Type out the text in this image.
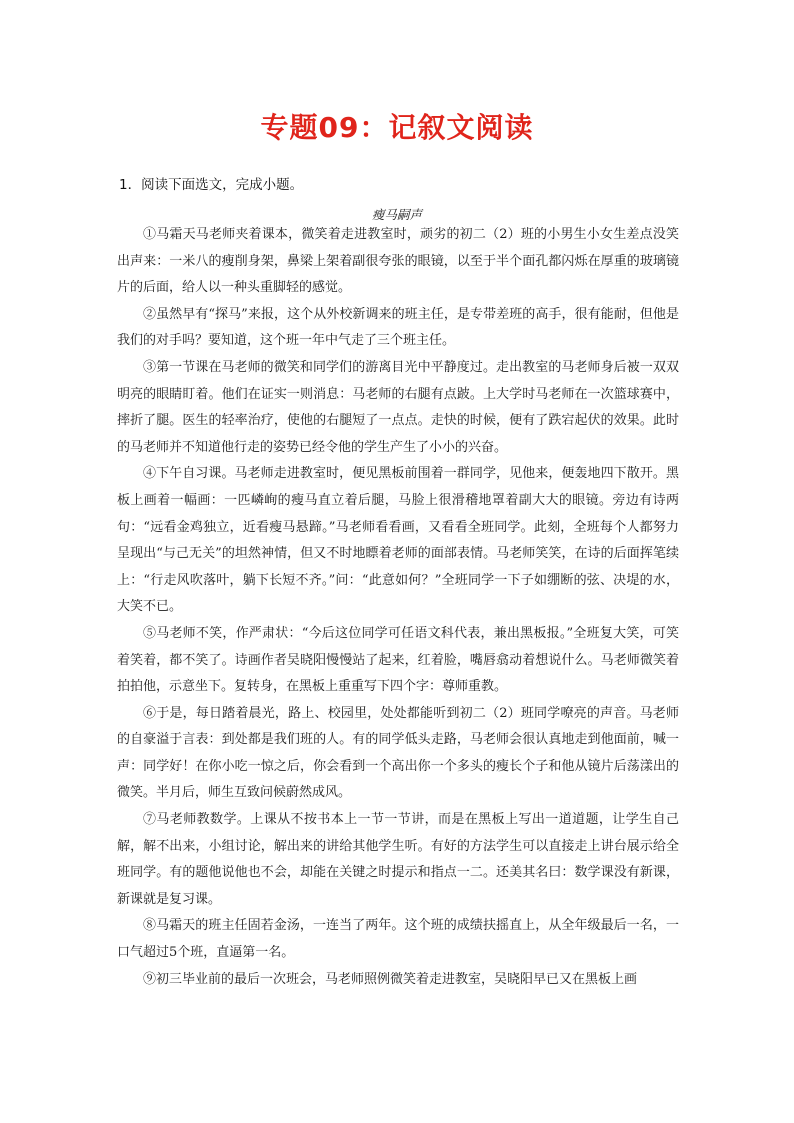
专题09：记叙文阅读
1．阅读下面选文，完成小题。
瘦马嗣声

①马霜天马老师夹着课本，微笑着走进教室时，顽劣的初二（2）班的小男生小女生差点没笑出声来：一米八的瘦削身架，鼻梁上架着副很夸张的眼镜，以至于半个面孔都闪烁在厚重的玻璃镜片的后面，给人以一种头重脚轻的感觉。

②虽然早有“探马”来报，这个从外校新调来的班主任，是专带差班的高手，很有能耐，但他是我们的对手吗？要知道，这个班一年中气走了三个班主任。

③第一节课在马老师的微笑和同学们的游离目光中平静度过。走出教室的马老师身后被一双双明亮的眼睛盯着。他们在证实一则消息：马老师的右腿有点跛。上大学时马老师在一次篮球赛中，摔折了腿。医生的轻率治疗，使他的右腿短了一点点。走快的时候，便有了跌宕起伏的效果。此时的马老师并不知道他行走的姿势已经令他的学生产生了小小的兴奋。

④下午自习课。马老师走进教室时，便见黑板前围着一群同学，见他来，便轰地四下散开。黑板上画着一幅画：一匹嶙峋的瘦马直立着后腿，马脸上很滑稽地罩着副大大的眼镜。旁边有诗两句：“远看金鸡独立，近看瘦马悬蹄。”马老师看看画，又看看全班同学。此刻，全班每个人都努力呈现出“与己无关”的坦然神情，但又不时地瞟着老师的面部表情。马老师笑笑，在诗的后面挥笔续上：“行走风吹落叶，躺下长短不齐。”问：“此意如何？”全班同学一下子如绷断的弦、决堤的水，大笑不已。

⑤马老师不笑，作严肃状：“今后这位同学可任语文科代表，兼出黑板报。”全班复大笑，可笑着笑着，都不笑了。诗画作者吴晓阳慢慢站了起来，红着脸，嘴唇翕动着想说什么。马老师微笑着拍拍他，示意坐下。复转身，在黑板上重重写下四个字：尊师重教。

⑥于是，每日踏着晨光，路上、校园里，处处都能听到初二（2）班同学嘹亮的声音。马老师的自豪溢于言表：到处都是我们班的人。有的同学低头走路，马老师会很认真地走到他面前，喊一声：同学好！在你小吃一惊之后，你会看到一个高出你一个多头的瘦长个子和他从镜片后荡漾出的微笑。半月后，师生互致问候蔚然成风。

⑦马老师教数学。上课从不按书本上一节一节讲，而是在黑板上写出一道道题，让学生自己解，解不出来，小组讨论，解出来的讲给其他学生听。有好的方法学生可以直接走上讲台展示给全班同学。有的题他说他也不会，却能在关键之时提示和指点一二。还美其名曰：数学课没有新课，新课就是复习课。

⑧马霜天的班主任固若金汤，一连当了两年。这个班的成绩扶摇直上，从全年级最后一名，一口气超过5个班，直逼第一名。

⑨初三毕业前的最后一次班会，马老师照例微笑着走进教室，吴晓阳早已又在黑板上画
